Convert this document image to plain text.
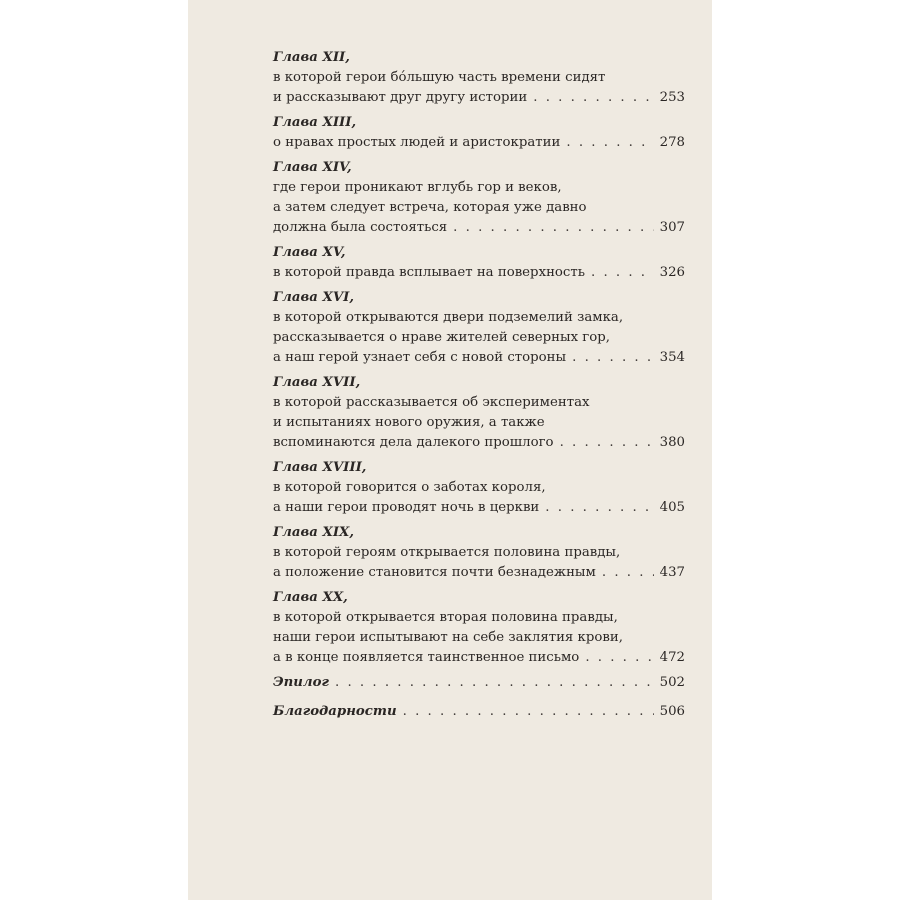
Глава XII,
в которой герои бóльшую часть времени сидят
и рассказывают друг другу истории . . .	253
Глава XIII,
о нравах простых людей и аристократии . . .	278
Глава XIV,
где герои проникают вглубь гор и веков,
а затем следует встреча, которая уже давно
должна была состояться . . .	307
Глава XV,
в которой правда всплывает на поверхность . . .	326
Глава XVI,
в которой открываются двери подземелий замка,
рассказывается о нраве жителей северных гор,
а наш герой узнает себя с новой стороны . . .	354
Глава XVII,
в которой рассказывается об экспериментах
и испытаниях нового оружия, а также
вспоминаются дела далекого прошлого . . .	380
Глава XVIII,
в которой говорится о заботах короля,
а наши герои проводят ночь в церкви . . .	405
Глава XIX,
в которой героям открывается половина правды,
а положение становится почти безнадежным . . .	437
Глава XX,
в которой открывается вторая половина правды,
наши герои испытывают на себе заклятия крови,
а в конце появляется таинственное письмо . . .	472
Эпилог . . .	502
Благодарности . . .	506
